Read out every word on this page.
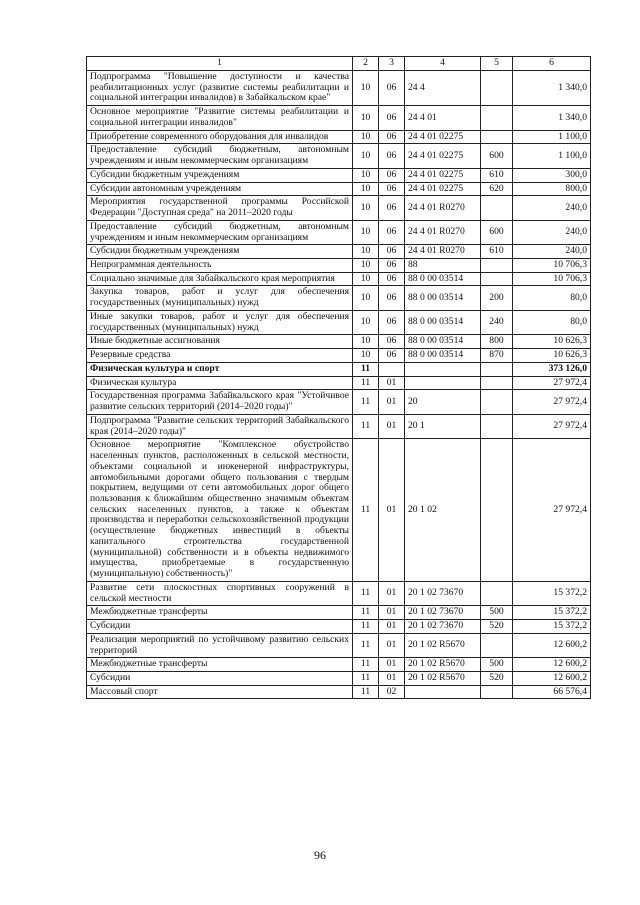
1	2	3	4	5	6
Подпрограмма "Повышение доступности и качества реабилитационных услуг (развитие системы реабилитации и социальной интеграции инвалидов) в Забайкальском крае"	10	06	24 4		1 340,0
Основное мероприятие "Развитие системы реабилитации и социальной интеграции инвалидов"	10	06	24 4 01		1 340,0
Приобретение современного оборудования для инвалидов	10	06	24 4 01 02275		1 100,0
Предоставление субсидий бюджетным, автономным учреждениям и иным некоммерческим организациям	10	06	24 4 01 02275	600	1 100,0
Субсидии бюджетным учреждениям	10	06	24 4 01 02275	610	300,0
Субсидии автономным учреждениям	10	06	24 4 01 02275	620	800,0
Мероприятия государственной программы Российской Федерации "Доступная среда" на 2011–2020 годы	10	06	24 4 01 R0270		240,0
Предоставление субсидий бюджетным, автономным учреждениям и иным некоммерческим организациям	10	06	24 4 01 R0270	600	240,0
Субсидии бюджетным учреждениям	10	06	24 4 01 R0270	610	240,0
Непрограммная деятельность	10	06	88		10 706,3
Социально значимые для Забайкальского края мероприятия	10	06	88 0 00 03514		10 706,3
Закупка товаров, работ и услуг для обеспечения государственных (муниципальных) нужд	10	06	88 0 00 03514	200	80,0
Иные закупки товаров, работ и услуг для обеспечения государственных (муниципальных) нужд	10	06	88 0 00 03514	240	80,0
Иные бюджетные ассигнования	10	06	88 0 00 03514	800	10 626,3
Резервные средства	10	06	88 0 00 03514	870	10 626,3
Физическая культура и спорт	11				373 126,0
Физическая культура	11	01			27 972,4
Государственная программа Забайкальского края "Устойчивое развитие сельских территорий (2014–2020 годы)"	11	01	20		27 972,4
Подпрограмма "Развитие сельских территорий Забайкальского края (2014–2020 годы)"	11	01	20 1		27 972,4
Основное мероприятие "Комплексное обустройство населенных пунктов, расположенных в сельской местности, объектами социальной и инженерной инфраструктуры, автомобильными дорогами общего пользования с твердым покрытием, ведущими от сети автомобильных дорог общего пользования к ближайшим общественно значимым объектам сельских населенных пунктов, а также к объектам производства и переработки сельскохозяйственной продукции (осуществление бюджетных инвестиций в объекты капитального строительства государственной (муниципальной) собственности и в объекты недвижимого имущества, приобретаемые в государственную (муниципальную) собственность)"	11	01	20 1 02		27 972,4
Развитие сети плоскостных спортивных сооружений в сельской местности	11	01	20 1 02 73670		15 372,2
Межбюджетные трансферты	11	01	20 1 02 73670	500	15 372,2
Субсидии	11	01	20 1 02 73670	520	15 372,2
Реализация мероприятий по устойчивому развитию сельских территорий	11	01	20 1 02 R5670		12 600,2
Межбюджетные трансферты	11	01	20 1 02 R5670	500	12 600,2
Субсидии	11	01	20 1 02 R5670	520	12 600,2
Массовый спорт	11	02			66 576,4
96
